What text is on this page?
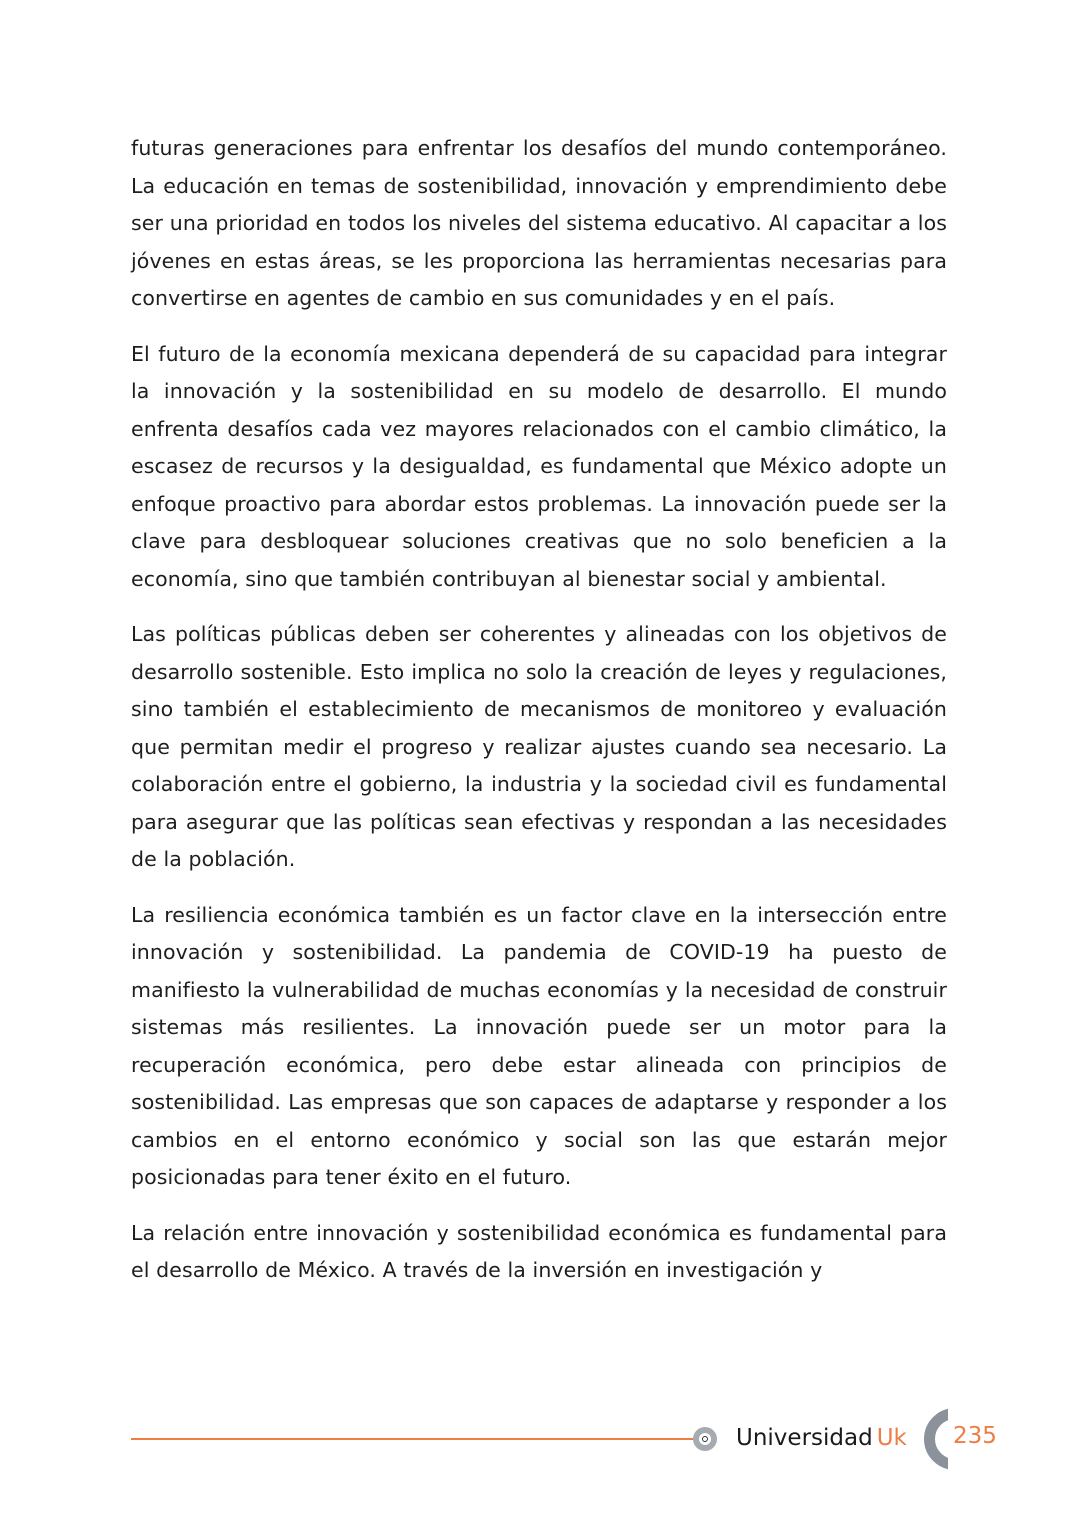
futuras generaciones para enfrentar los desafíos del mundo contemporáneo. La educación en temas de sostenibilidad, innovación y emprendimiento debe ser una prioridad en todos los niveles del sistema educativo. Al capacitar a los jóvenes en estas áreas, se les proporciona las herramientas necesarias para convertirse en agentes de cambio en sus comunidades y en el país.

El futuro de la economía mexicana dependerá de su capacidad para integrar la innovación y la sostenibilidad en su modelo de desarrollo. El mundo enfrenta desafíos cada vez mayores relacionados con el cambio climático, la escasez de recursos y la desigualdad, es fundamental que México adopte un enfoque proactivo para abordar estos problemas. La innovación puede ser la clave para desbloquear soluciones creativas que no solo beneficien a la economía, sino que también contribuyan al bienestar social y ambiental.

Las políticas públicas deben ser coherentes y alineadas con los objetivos de desarrollo sostenible. Esto implica no solo la creación de leyes y regulaciones, sino también el establecimiento de mecanismos de monitoreo y evaluación que permitan medir el progreso y realizar ajustes cuando sea necesario. La colaboración entre el gobierno, la industria y la sociedad civil es fundamental para asegurar que las políticas sean efectivas y respondan a las necesidades de la población.

La resiliencia económica también es un factor clave en la intersección entre innovación y sostenibilidad. La pandemia de COVID-19 ha puesto de manifiesto la vulnerabilidad de muchas economías y la necesidad de construir sistemas más resilientes. La innovación puede ser un motor para la recuperación económica, pero debe estar alineada con principios de sostenibilidad. Las empresas que son capaces de adaptarse y responder a los cambios en el entorno económico y social son las que estarán mejor posicionadas para tener éxito en el futuro.

La relación entre innovación y sostenibilidad económica es fundamental para el desarrollo de México. A través de la inversión en investigación y

Universidad Uk 235
